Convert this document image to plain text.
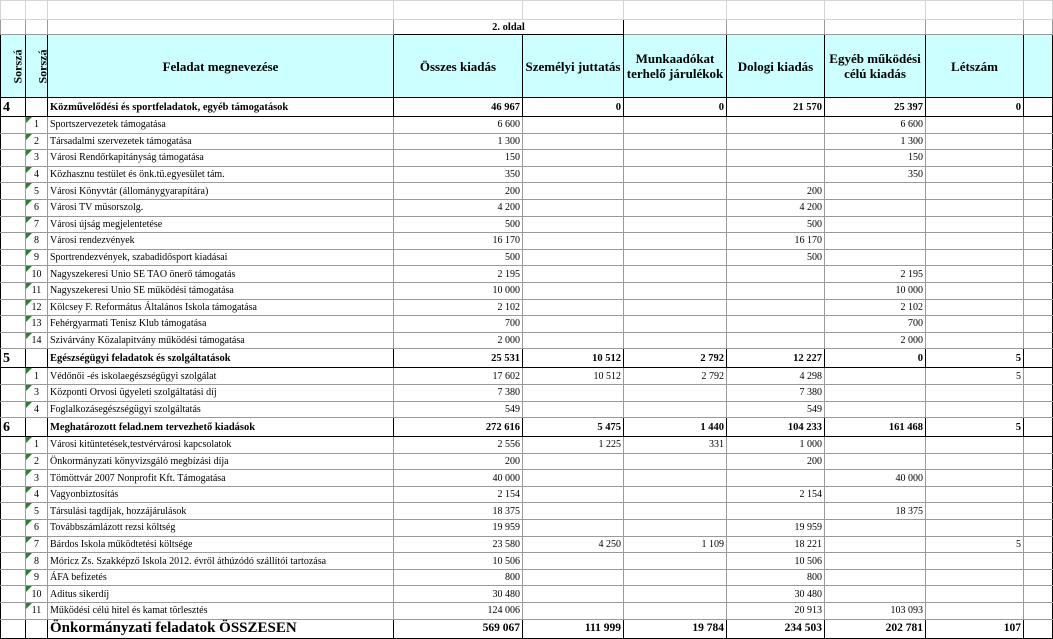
			2. oldal						
Sorszá	Sorszá	Feladat megnevezése	Összes kiadás	Személyi juttatás	Munkaadókat terhelő járulékok	Dologi kiadás	Egyéb működési célú kiadás	Létszám	
4		Közművelődési és sportfeladatok, egyéb támogatások	46 967	0	0	21 570	25 397	0	
	1	Sportszervezetek támogatása	6 600				6 600		
	2	Társadalmi szervezetek támogatása	1 300				1 300		
	3	Városi Rendőrkapitányság támogatása	150				150		
	4	Közhasznu testület és önk.tü.egyesület tám.	350				350		
	5	Városi Könyvtár (állománygyarapítára)	200			200			
	6	Városi TV müsorszolg.	4 200			4 200			
	7	Városi újság megjelentetése	500			500			
	8	Városi rendezvények	16 170			16 170			
	9	Sportrendezvények, szabadidősport kiadásai	500			500			
	10	Nagyszekeresi Unio SE TAO önerő támogatás	2 195				2 195		
	11	Nagyszekeresi Unio SE működési támogatása	10 000				10 000		
	12	Kölcsey F. Református Általános Iskola támogatása	2 102				2 102		
	13	Fehérgyarmati Tenisz Klub támogatása	700				700		
	14	Szivárvány Közalapitvány működési támogatása	2 000				2 000		
5		Egészségügyi feladatok és szolgáltatások	25 531	10 512	2 792	12 227	0	5	
	1	Védőnői -és iskolaegészségügyi szolgálat	17 602	10 512	2 792	4 298		5	
	3	Központi Orvosi ügyeleti szolgáltatási díj	7 380			7 380			
	4	Foglalkozásegészségügyi szolgáltatás	549			549			
6		Meghatározott felad.nem tervezhető kiadások	272 616	5 475	1 440	104 233	161 468	5	
	1	Városi kitüntetések,testvérvárosi kapcsolatok	2 556	1 225	331	1 000			
	2	Önkormányzati könyvizsgáló megbízási díja	200			200			
	3	Tömöttvár 2007 Nonprofit Kft. Támogatása	40 000				40 000		
	4	Vagyonbiztosítás	2 154			2 154			
	5	Társulási tagdíjak, hozzájárulások	18 375				18 375		
	6	Továbbszámlázott rezsi költség	19 959			19 959			
	7	Bárdos Iskola működtetési költsége	23 580	4 250	1 109	18 221		5	
	8	Móricz Zs. Szakképző Iskola 2012. évről áthúzódó szállítói tartozása	10 506			10 506			
	9	ÁFA befizetés	800			800			
	10	Aditus sikerdíj	30 480			30 480			
	11	Működési célú hitel és kamat törlesztés	124 006			20 913	103 093		
		Önkormányzati feladatok ÖSSZESEN	569 067	111 999	19 784	234 503	202 781	107	
